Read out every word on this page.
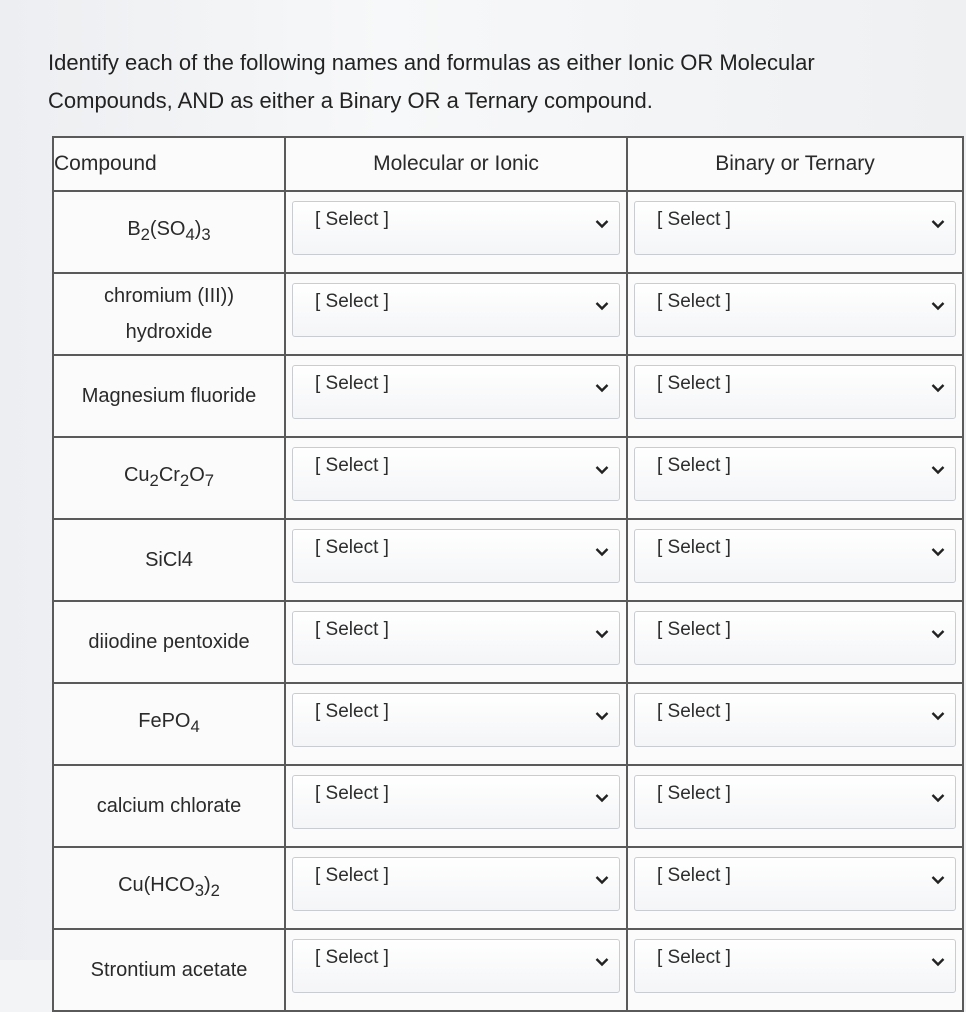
Identify each of the following names and formulas as either Ionic OR Molecular
Compounds, AND as either a Binary OR a Ternary compound.
Compound	Molecular or Ionic	Binary or Ternary
$B_2(SO_4)_3$	[ Select ]	[ Select ]

chromium (III))
hydroxide	[ Select ]	[ Select ]

Magnesium fluoride	[ Select ]	[ Select ]

$Cu_2Cr_2O_7$	[ Select ]	[ Select ]

SiCl4	[ Select ]	[ Select ]

diiodine pentoxide	[ Select ]	[ Select ]

FePO$_4$	[ Select ]	[ Select ]

calcium chlorate	[ Select ]	[ Select ]

$Cu(HCO_3)_2$	[ Select ]	[ Select ]

Strontium acetate	[ Select ]	[ Select ]
